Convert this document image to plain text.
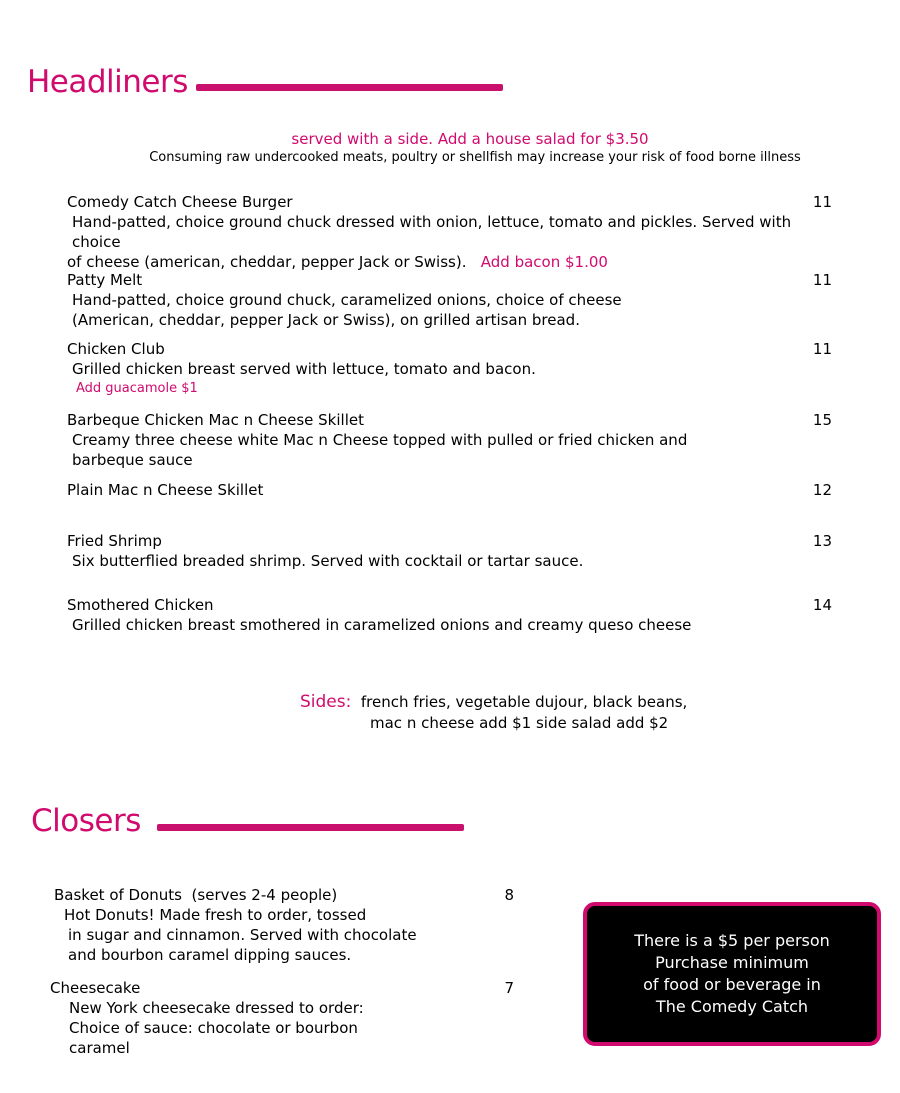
Headliners
served with a side. Add a house salad for $3.50
Consuming raw undercooked meats, poultry or shellfish may increase your risk of food borne illness
Comedy Catch Cheese Burger	11
Hand-patted, choice ground chuck dressed with onion, lettuce, tomato and pickles. Served with choice
of cheese (american, cheddar, pepper Jack or Swiss). Add bacon $1.00
Patty Melt	11
Hand-patted, choice ground chuck, caramelized onions, choice of cheese
(American, cheddar, pepper Jack or Swiss), on grilled artisan bread.
Chicken Club	11
Grilled chicken breast served with lettuce, tomato and bacon.
Add guacamole $1
Barbeque Chicken Mac n Cheese Skillet	15
Creamy three cheese white Mac n Cheese topped with pulled or fried chicken and
barbeque sauce
Plain Mac n Cheese Skillet	12
Fried Shrimp	13
Six butterflied breaded shrimp. Served with cocktail or tartar sauce.
Smothered Chicken	14
Grilled chicken breast smothered in caramelized onions and creamy queso cheese
Sides: french fries, vegetable dujour, black beans,
mac n cheese add $1 side salad add $2
Closers
Basket of Donuts (serves 2-4 people)	8
Hot Donuts! Made fresh to order, tossed
in sugar and cinnamon. Served with chocolate
and bourbon caramel dipping sauces.
Cheesecake	7
New York cheesecake dressed to order:
Choice of sauce: chocolate or bourbon
caramel

There is a $5 per person
Purchase minimum
of food or beverage in
The Comedy Catch
